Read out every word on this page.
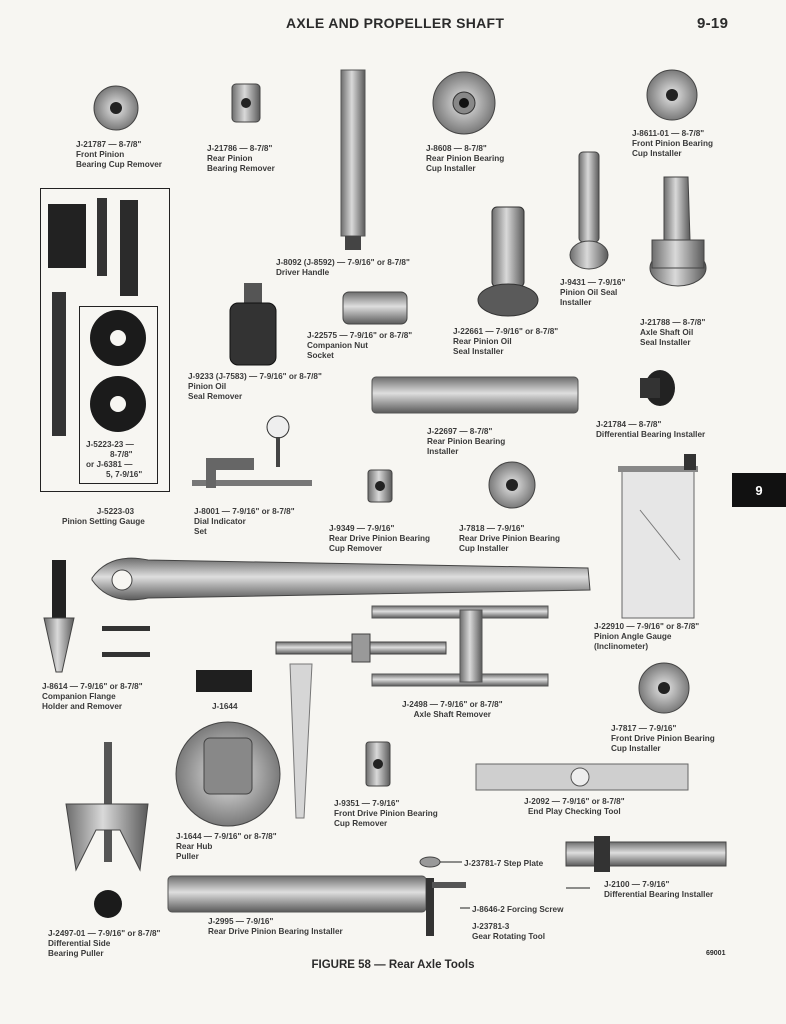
AXLE AND PROPELLER SHAFT	9-19
9
J-21787 — 8-7/8"
Front Pinion
Bearing Cup Remover
J-21786 — 8-7/8"
Rear Pinion
Bearing Remover
J-8608 — 8-7/8"
Rear Pinion Bearing
Cup Installer
J-8611-01 — 8-7/8"
Front Pinion Bearing
Cup Installer
J-8092 (J-8592) — 7-9/16" or 8-7/8"
Driver Handle
J-9431 — 7-9/16"
Pinion Oil Seal
Installer
J-21788 — 8-7/8"
Axle Shaft Oil
Seal Installer
J-22575 — 7-9/16" or 8-7/8"
Companion Nut
Socket
J-22661 — 7-9/16" or 8-7/8"
Rear Pinion Oil
Seal Installer
J-9233 (J-7583) — 7-9/16" or 8-7/8"
Pinion Oil
Seal Remover
J-5223-23 —
8-7/8"
or J-6381 —
5, 7-9/16"
J-22697 — 8-7/8"
Rear Pinion Bearing
Installer
J-21784 — 8-7/8"
Differential Bearing Installer
J-5223-03
Pinion Setting Gauge
J-8001 — 7-9/16" or 8-7/8"
Dial Indicator
Set	J-9349 — 7-9/16"
Rear Drive Pinion Bearing
Cup Remover
J-7818 — 7-9/16"
Rear Drive Pinion Bearing
Cup Installer
J-22910 — 7-9/16" or 8-7/8"
Pinion Angle Gauge
(Inclinometer)
J-8614 — 7-9/16" or 8-7/8"
Companion Flange
Holder and Remover	J-1644	J-2498 — 7-9/16" or 8-7/8"
Axle Shaft Remover
J-7817 — 7-9/16"
Front Drive Pinion Bearing
Cup Installer
J-9351 — 7-9/16"
Front Drive Pinion Bearing
Cup Remover
J-2092 — 7-9/16" or 8-7/8"
End Play Checking Tool
J-1644 — 7-9/16" or 8-7/8"
Rear Hub
Puller
J-23781-7 Step Plate
J-2100 — 7-9/16"
Differential Bearing Installer
J-8646-2 Forcing Screw
J-23781-3
Gear Rotating Tool
J-2497-01 — 7-9/16" or 8-7/8"
Differential Side
Bearing Puller
J-2995 — 7-9/16"
Rear Drive Pinion Bearing Installer
69001
FIGURE 58 — Rear Axle Tools
